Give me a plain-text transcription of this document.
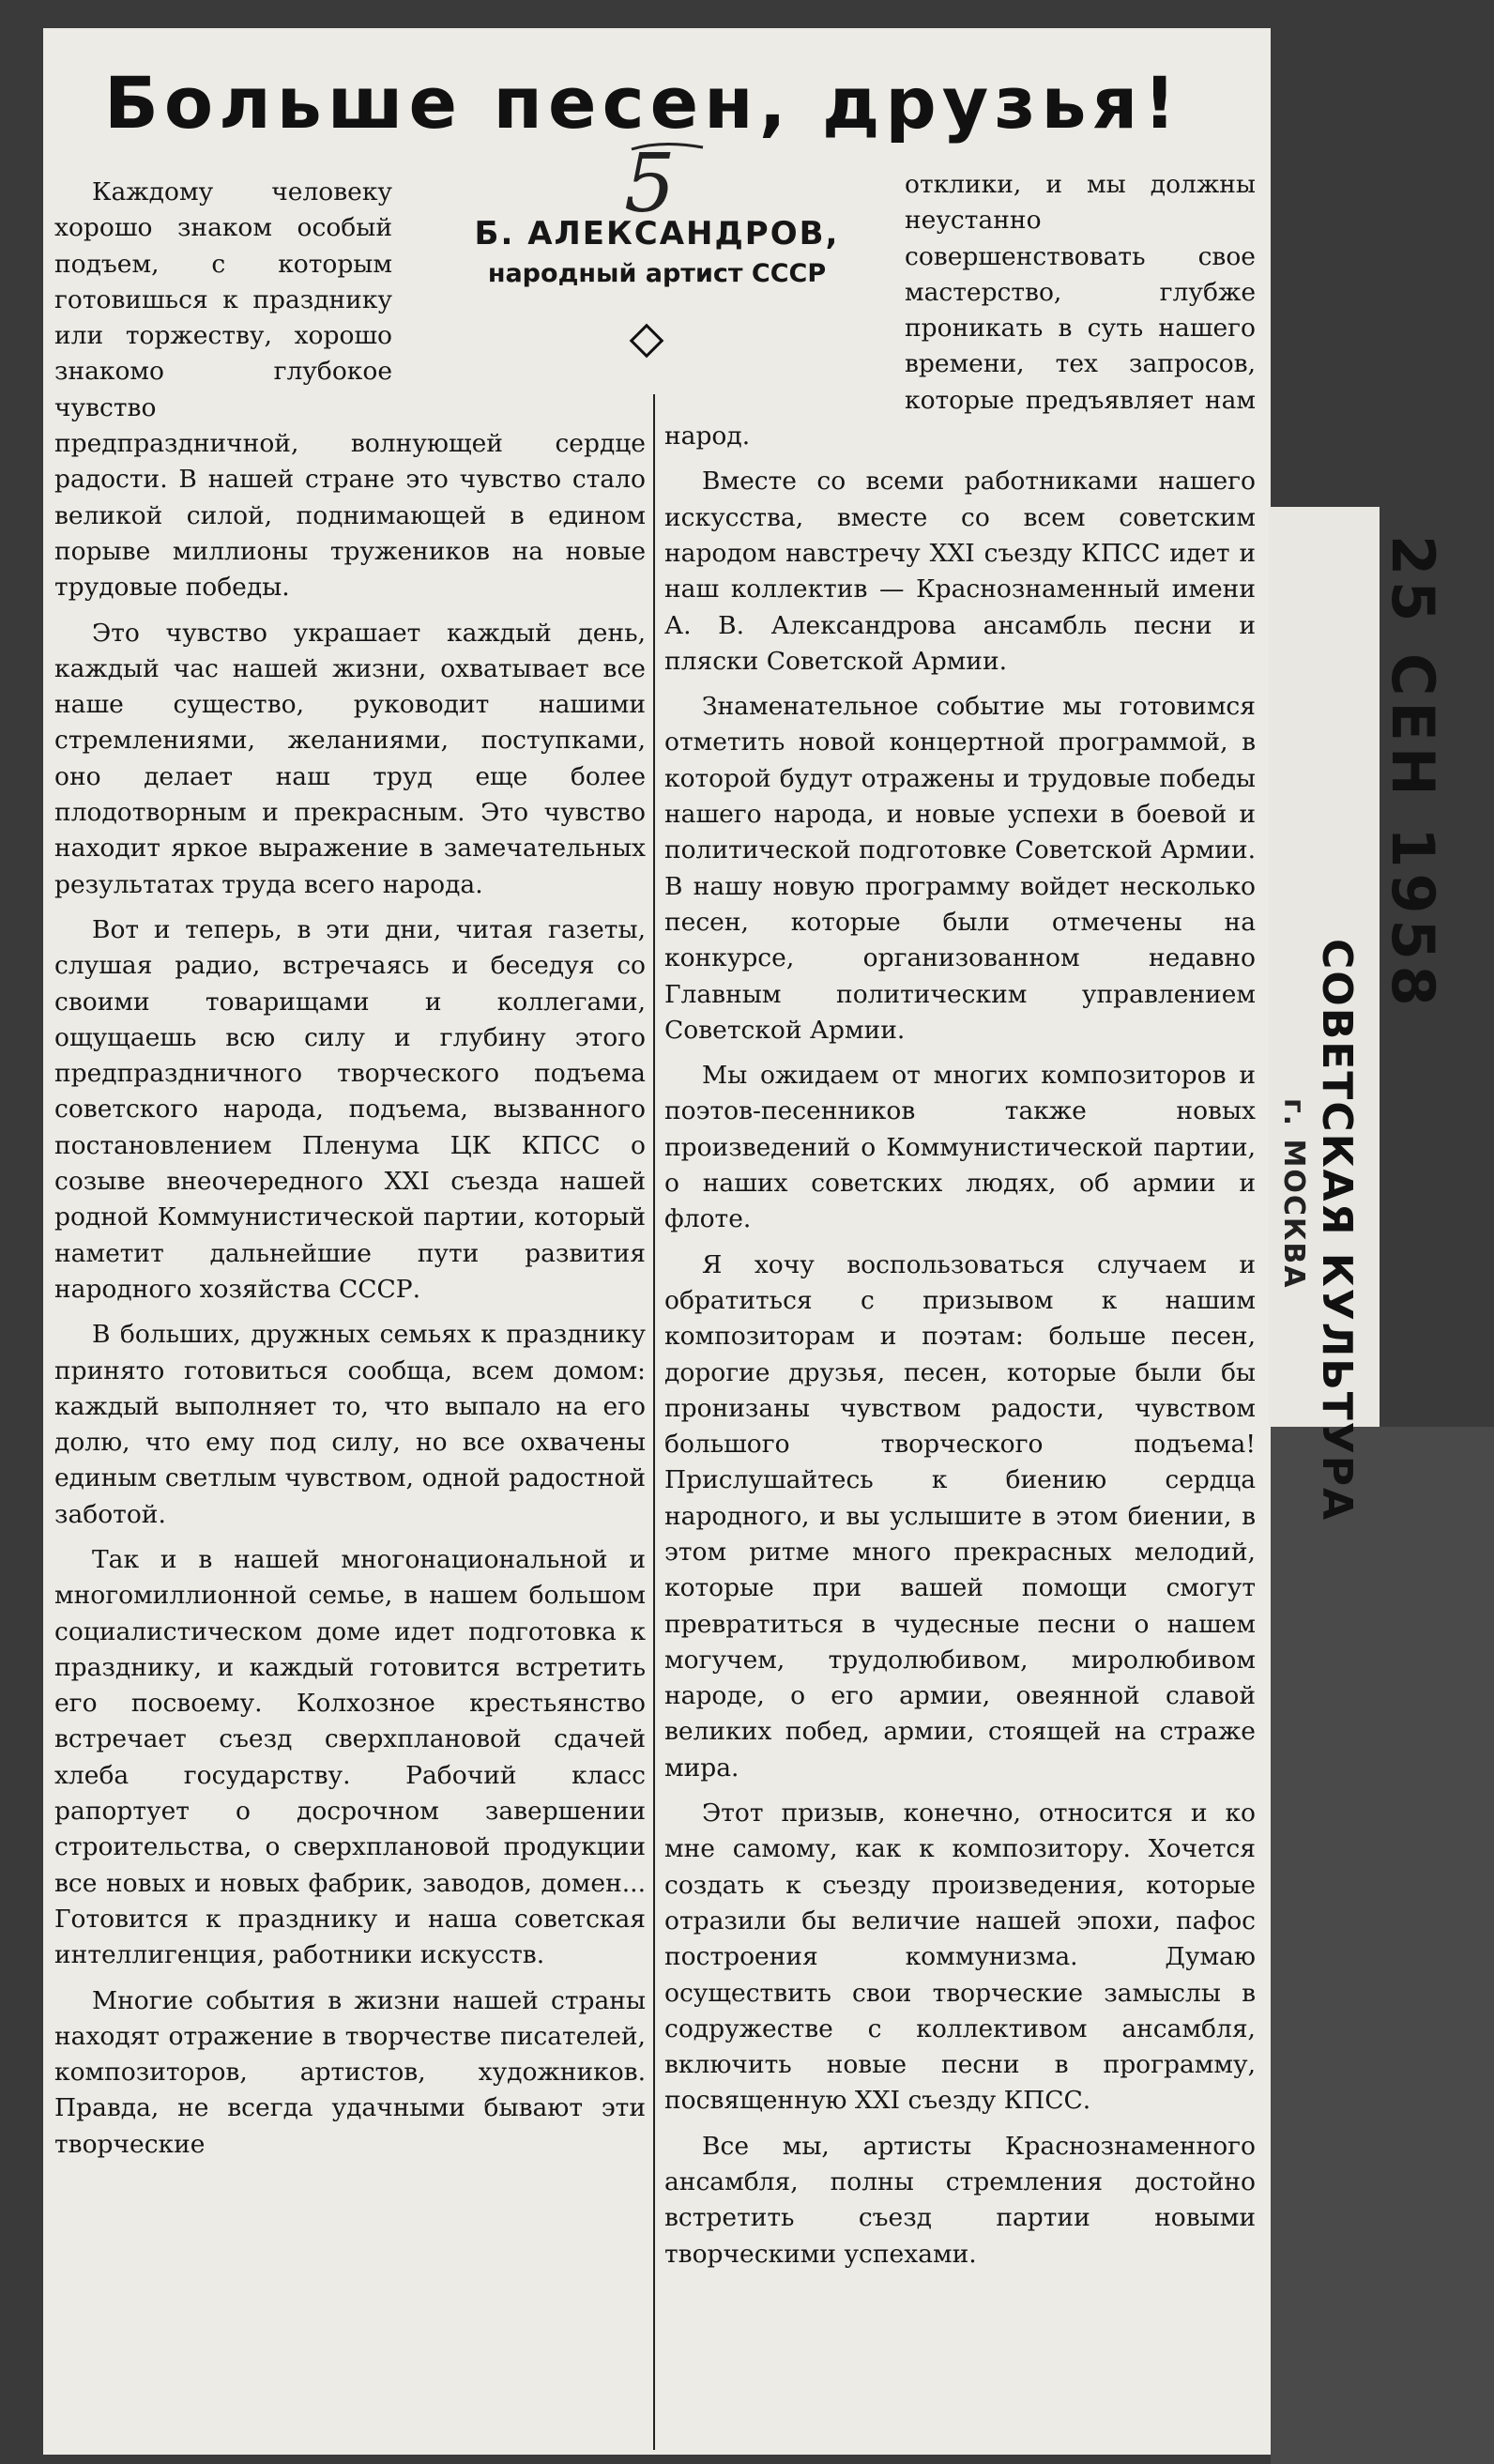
Больше песен, друзья!
5
Б. АЛЕКСАНДРОВ,
народный артист СССР

Каждому человеку хорошо знаком особый подъем, с которым готовишься к празднику или торжеству, хорошо знакомо глубокое чувство предпраздничной, волнующей сердце радости. В нашей стране это чувство стало великой силой, поднимающей в едином порыве миллионы тружеников на новые трудовые победы.

Это чувство украшает каждый день, каждый час нашей жизни, охватывает все наше существо, руководит нашими стремлениями, желаниями, поступками, оно делает наш труд еще более плодотворным и прекрасным. Это чувство находит яркое выражение в замечательных результатах труда всего народа.

Вот и теперь, в эти дни, читая газеты, слушая радио, встречаясь и беседуя со своими товарищами и коллегами, ощущаешь всю силу и глубину этого предпраздничного творческого подъема советского народа, подъема, вызванного постановлением Пленума ЦК КПСС о созыве внеочередного XXI съезда нашей родной Коммунистической партии, который наметит дальнейшие пути развития народного хозяйства СССР.

В больших, дружных семьях к празднику принято готовиться сообща, всем домом: каждый выполняет то, что выпало на его долю, что ему под силу, но все охвачены единым светлым чувством, одной радостной заботой.

Так и в нашей многонациональной и многомиллионной семье, в нашем большом социалистическом доме идет подготовка к празднику, и каждый готовится встретить его посвоему. Колхозное крестьянство встречает съезд сверхплановой сдачей хлеба государству. Рабочий класс рапортует о досрочном завершении строительства, о сверхплановой продукции все новых и новых фабрик, заводов, домен... Готовится к празднику и наша советская интеллигенция, работники искусств.

Многие события в жизни нашей страны находят отражение в творчестве писателей, композиторов, артистов, художников. Правда, не всегда удачными бывают эти творческие

отклики, и мы должны неустанно совершенствовать свое мастерство, глубже проникать в суть нашего времени, тех запросов, которые предъявляет нам народ.

Вместе со всеми работниками нашего искусства, вместе со всем советским народом навстречу XXI съезду КПСС идет и наш коллектив — Краснознаменный имени А. В. Александрова ансамбль песни и пляски Советской Армии.

Знаменательное событие мы готовимся отметить новой концертной программой, в которой будут отражены и трудовые победы нашего народа, и новые успехи в боевой и политической подготовке Советской Армии. В нашу новую программу войдет несколько песен, которые были отмечены на конкурсе, организованном недавно Главным политическим управлением Советской Армии.

Мы ожидаем от многих композиторов и поэтов-песенников также новых произведений о Коммунистической партии, о наших советских людях, об армии и флоте.

Я хочу воспользоваться случаем и обратиться с призывом к нашим композиторам и поэтам: больше песен, дорогие друзья, песен, которые были бы пронизаны чувством радости, чувством большого творческого подъема! Прислушайтесь к биению сердца народного, и вы услышите в этом биении, в этом ритме много прекрасных мелодий, которые при вашей помощи смогут превратиться в чудесные песни о нашем могучем, трудолюбивом, миролюбивом народе, о его армии, овеянной славой великих побед, армии, стоящей на страже мира.

Этот призыв, конечно, относится и ко мне самому, как к композитору. Хочется создать к съезду произведения, которые отразили бы величие нашей эпохи, пафос построения коммунизма. Думаю осуществить свои творческие замыслы в содружестве с коллективом ансамбля, включить новые песни в программу, посвященную XXI съезду КПСС.

Все мы, артисты Краснознаменного ансамбля, полны стремления достойно встретить съезд партии новыми творческими успехами.

25 СЕН 1958
СОВЕТСКАЯ КУЛЬТУРА
г. МОСКВА
